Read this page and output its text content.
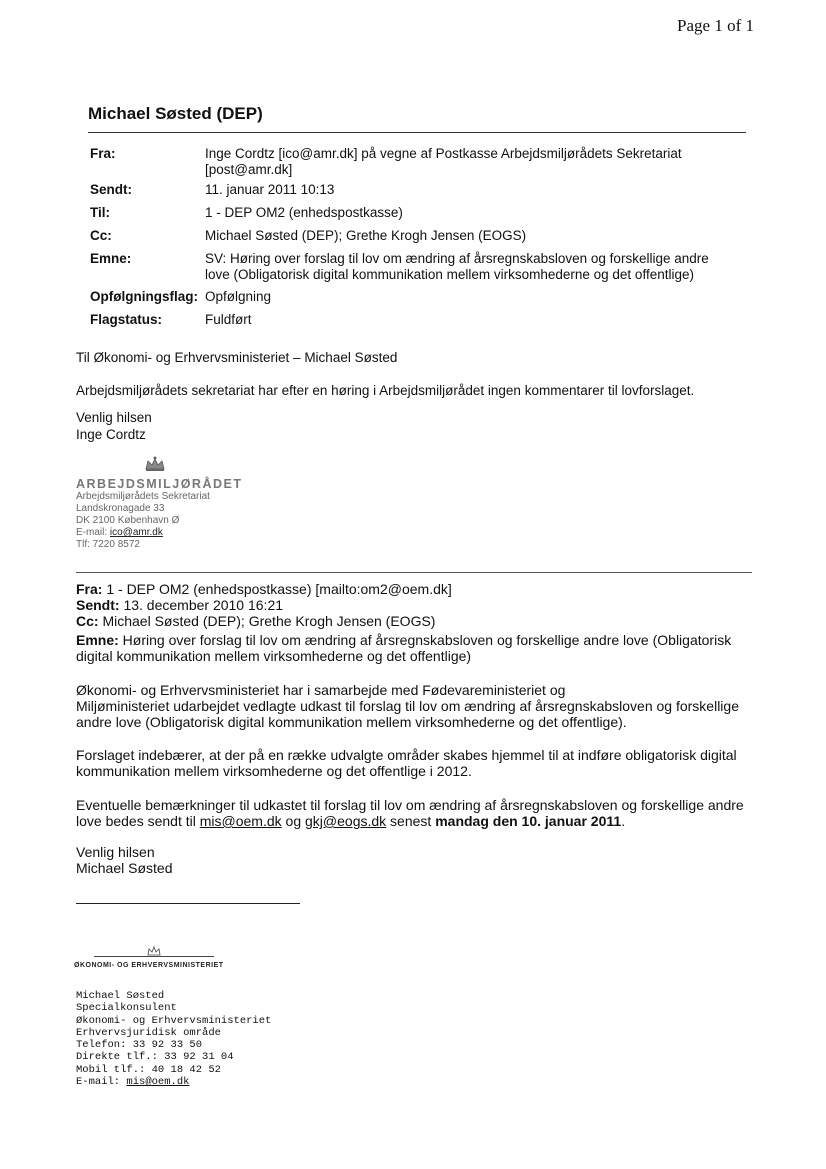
Page 1 of 1
Michael Søsted (DEP)
Fra:	Inge Cordtz [ico@amr.dk] på vegne af Postkasse Arbejdsmiljørådets Sekretariat
[post@amr.dk]
Sendt:	11. januar 2011 10:13
Til:	1 - DEP OM2 (enhedspostkasse)
Cc:	Michael Søsted (DEP); Grethe Krogh Jensen (EOGS)
Emne:	SV: Høring over forslag til lov om ændring af årsregnskabsloven og forskellige andre
love (Obligatorisk digital kommunikation mellem virksomhederne og det offentlige)
Opfølgningsflag: Opfølgning
Flagstatus:	Fuldført
Til Økonomi- og Erhvervsministeriet – Michael Søsted
Arbejdsmiljørådets sekretariat har efter en høring i Arbejdsmiljørådet ingen kommentarer til lovforslaget.
Venlig hilsen
Inge Cordtz
ARBEJDSMILJØRÅDET
Arbejdsmiljørådets Sekretariat
Landskronagade 33
DK 2100 København Ø
E-mail: ico@amr.dk
Tlf: 7220 8572
Fra: 1 - DEP OM2 (enhedspostkasse) [mailto:om2@oem.dk]
Sendt: 13. december 2010 16:21
Cc: Michael Søsted (DEP); Grethe Krogh Jensen (EOGS)
Emne: Høring over forslag til lov om ændring af årsregnskabsloven og forskellige andre love (Obligatorisk
digital kommunikation mellem virksomhederne og det offentlige)
Økonomi- og Erhvervsministeriet har i samarbejde med Fødevareministeriet og
Miljøministeriet udarbejdet vedlagte udkast til forslag til lov om ændring af årsregnskabsloven og forskellige
andre love (Obligatorisk digital kommunikation mellem virksomhederne og det offentlige).
Forslaget indebærer, at der på en række udvalgte områder skabes hjemmel til at indføre obligatorisk digital
kommunikation mellem virksomhederne og det offentlige i 2012.
Eventuelle bemærkninger til udkastet til forslag til lov om ændring af årsregnskabsloven og forskellige andre
love bedes sendt til mis@oem.dk og gkj@eogs.dk senest mandag den 10. januar 2011.
Venlig hilsen
Michael Søsted
ØKONOMI- OG ERHVERVSMINISTERIET
Michael Søsted
Specialkonsulent
Økonomi- og Erhvervsministeriet
Erhvervsjuridisk område
Telefon: 33 92 33 50
Direkte tlf.: 33 92 31 04
Mobil tlf.: 40 18 42 52
E-mail: mis@oem.dk
